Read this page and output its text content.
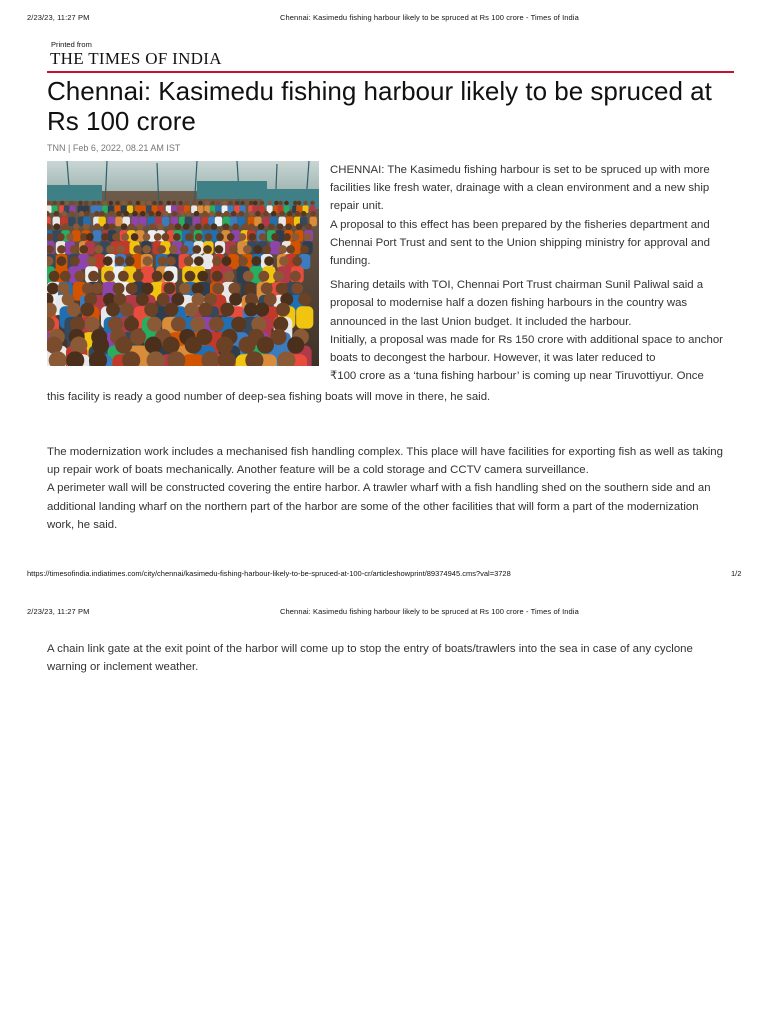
2/23/23, 11:27 PM	Chennai: Kasimedu fishing harbour likely to be spruced at Rs 100 crore - Times of India
Printed from
THE TIMES OF INDIA
Chennai: Kasimedu fishing harbour likely to be spruced at Rs 100 crore
TNN | Feb 6, 2022, 08.21 AM IST

CHENNAI: The Kasimedu fishing harbour is set to be spruced up with more facilities like fresh water, drainage with a clean environment and a new ship repair unit.

A proposal to this effect has been prepared by the fisheries department and Chennai Port Trust and sent to the Union shipping ministry for approval and funding.

Sharing details with TOI, Chennai Port Trust chairman Sunil Paliwal said a proposal to modernise half a dozen fishing harbours in the country was announced in the last Union budget. It included the harbour.

Initially, a proposal was made for Rs 150 crore with additional space to anchor boats to decongest the harbour. However, it was later reduced to

₹100 crore as a ‘tuna fishing harbour’ is coming up near Tiruvottiyur. Once

this facility is ready a good number of deep-sea fishing boats will move in there, he said.

The modernization work includes a mechanised fish handling complex. This place will have facilities for exporting fish as well as taking up repair work of boats mechanically. Another feature will be a cold storage and CCTV camera surveillance.

A perimeter wall will be constructed covering the entire harbor. A trawler wharf with a fish handling shed on the southern side and an additional landing wharf on the northern part of the harbor are some of the other facilities that will form a part of the modernization work, he said.

https://timesofindia.indiatimes.com/city/chennai/kasimedu-fishing-harbour-likely-to-be-spruced-at-100-cr/articleshowprint/89374945.cms?val=3728	1/2
2/23/23, 11:27 PM	Chennai: Kasimedu fishing harbour likely to be spruced at Rs 100 crore - Times of India
A chain link gate at the exit point of the harbor will come up to stop the entry of boats/trawlers into the sea in case of any cyclone warning or inclement weather.
